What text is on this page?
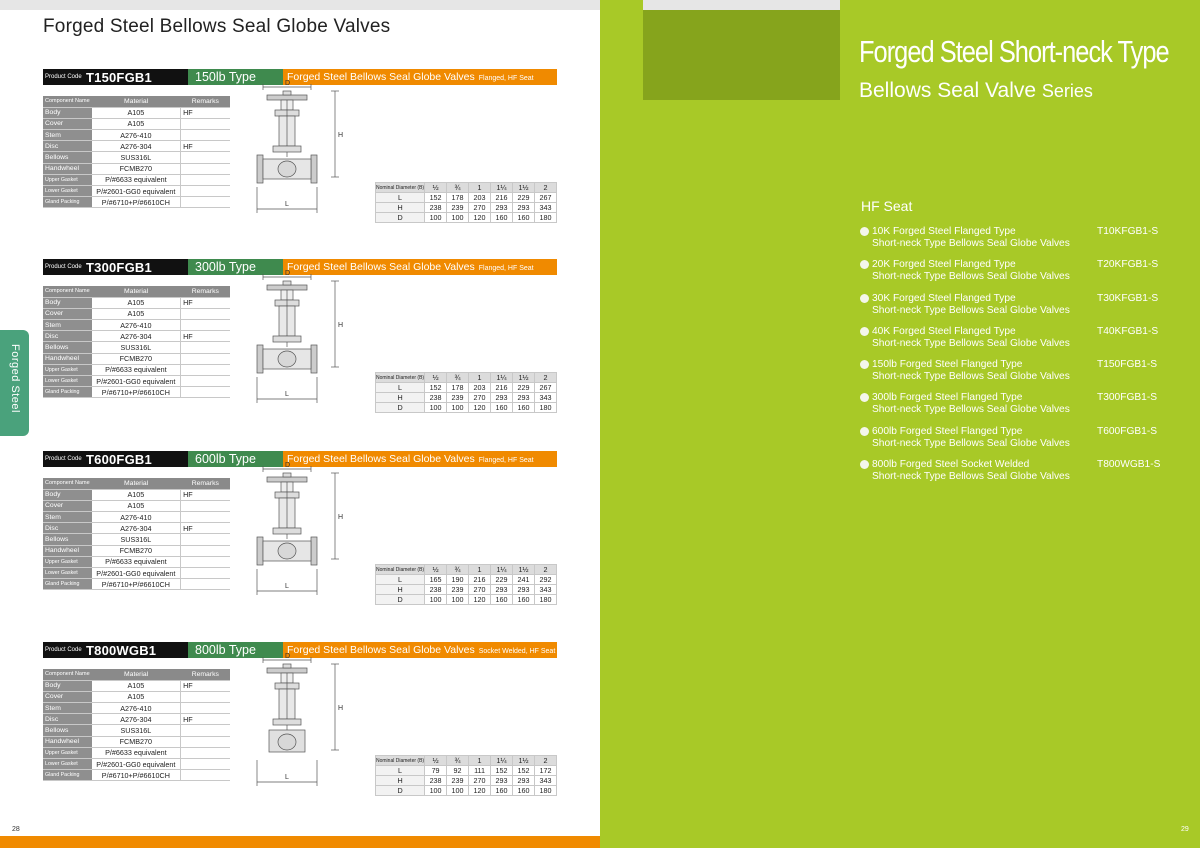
Forged Steel Bellows Seal Globe Valves
Forged Steel
Product Code T150FGB1	150lb Type	Forged Steel Bellows Seal Globe Valves Flanged, HF Seat
Component Name	Material	Remarks
Body	A105	HF
Cover	A105	
Stem	A276-410	
Disc	A276-304	HF
Bellows	SUS316L	
Handwheel	FCMB270	
Upper Gasket	P/#6633 equivalent	
Lower Gasket	P/#2601-GG0 equivalent	
Gland Packing	P/#6710+P/#6610CH	
D
H
L
Nominal Diameter (B)	½	¾	1	1¼	1½	2
L	152	178	203	216	229	267
H	238	239	270	293	293	343
D	100	100	120	160	160	180
Product Code T300FGB1	300lb Type	Forged Steel Bellows Seal Globe Valves Flanged, HF Seat
Component Name	Material	Remarks
Body	A105	HF
Cover	A105	
Stem	A276-410	
Disc	A276-304	HF
Bellows	SUS316L	
Handwheel	FCMB270	
Upper Gasket	P/#6633 equivalent	
Lower Gasket	P/#2601-GG0 equivalent	
Gland Packing	P/#6710+P/#6610CH	
D
H
L
Nominal Diameter (B)	½	¾	1	1¼	1½	2
L	152	178	203	216	229	267
H	238	239	270	293	293	343
D	100	100	120	160	160	180
Product Code T600FGB1	600lb Type	Forged Steel Bellows Seal Globe Valves Flanged, HF Seat
Component Name	Material	Remarks
Body	A105	HF
Cover	A105	
Stem	A276-410	
Disc	A276-304	HF
Bellows	SUS316L	
Handwheel	FCMB270	
Upper Gasket	P/#6633 equivalent	
Lower Gasket	P/#2601-GG0 equivalent	
Gland Packing	P/#6710+P/#6610CH	
D
H
L
Nominal Diameter (B)	½	¾	1	1¼	1½	2
L	165	190	216	229	241	292
H	238	239	270	293	293	343
D	100	100	120	160	160	180
Product Code T800WGB1	800lb Type	Forged Steel Bellows Seal Globe Valves Socket Welded, HF Seat
Component Name	Material	Remarks
Body	A105	HF
Cover	A105	
Stem	A276-410	
Disc	A276-304	HF
Bellows	SUS316L	
Handwheel	FCMB270	
Upper Gasket	P/#6633 equivalent	
Lower Gasket	P/#2601-GG0 equivalent	
Gland Packing	P/#6710+P/#6610CH	
D
H
L
Nominal Diameter (B)	½	¾	1	1¼	1½	2
L	79	92	111	152	152	172
H	238	239	270	293	293	343
D	100	100	120	160	160	180
28
Forged Steel Short-neck Type
Bellows Seal Valve Series
HF Seat
10K Forged Steel Flanged Type	T10KFGB1-S
Short-neck Type Bellows Seal Globe Valves
20K Forged Steel Flanged Type	T20KFGB1-S
Short-neck Type Bellows Seal Globe Valves
30K Forged Steel Flanged Type	T30KFGB1-S
Short-neck Type Bellows Seal Globe Valves
40K Forged Steel Flanged Type	T40KFGB1-S
Short-neck Type Bellows Seal Globe Valves
150lb Forged Steel Flanged Type	T150FGB1-S
Short-neck Type Bellows Seal Globe Valves
300lb Forged Steel Flanged Type	T300FGB1-S
Short-neck Type Bellows Seal Globe Valves
600lb Forged Steel Flanged Type	T600FGB1-S
Short-neck Type Bellows Seal Globe Valves
800lb Forged Steel Socket Welded	T800WGB1-S
Short-neck Type Bellows Seal Globe Valves
29
